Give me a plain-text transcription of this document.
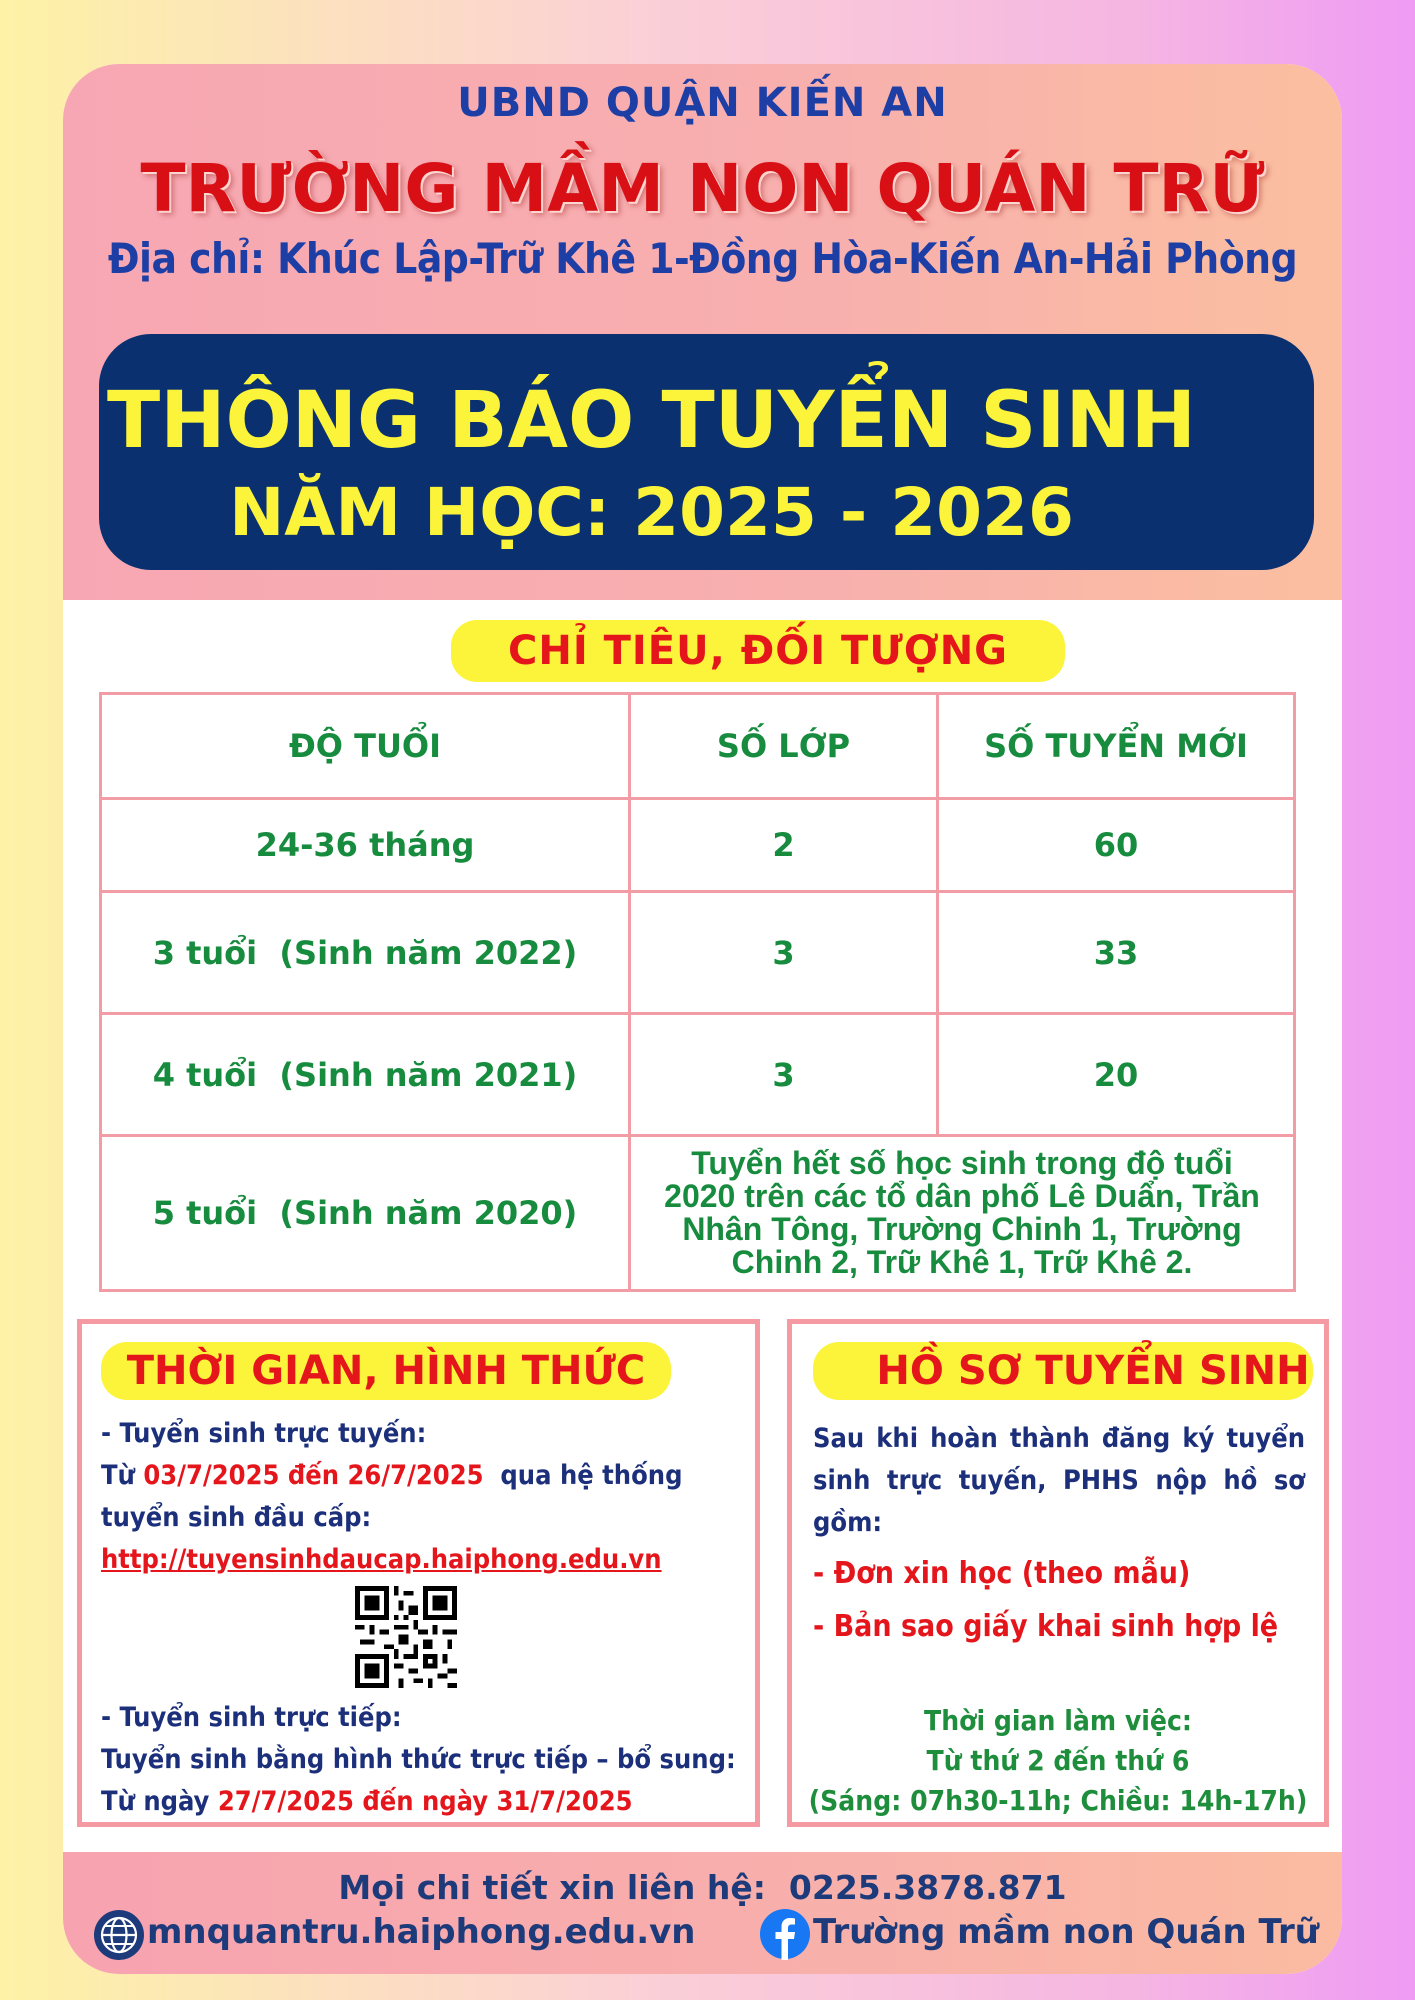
UBND QUẬN KIẾN AN
TRƯỜNG MẦM NON QUÁN TRỮ
Địa chỉ: Khúc Lập-Trữ Khê 1-Đồng Hòa-Kiến An-Hải Phòng
THÔNG BÁO TUYỂN SINH
NĂM HỌC: 2025 - 2026
CHỈ TIÊU, ĐỐI TƯỢNG
ĐỘ TUỔI	SỐ LỚP	SỐ TUYỂN MỚI
24-36 tháng	2	60
3 tuổi  (Sinh năm 2022)	3	33
4 tuổi  (Sinh năm 2021)	3	20
5 tuổi  (Sinh năm 2020)	Tuyển hết số học sinh trong độ tuổi 2020 trên các tổ dân phố Lê Duẩn, Trần Nhân Tông, Trường Chinh 1, Trường Chinh 2, Trữ Khê 1, Trữ Khê 2.	
THỜI GIAN, HÌNH THỨC	HỒ SƠ TUYỂN SINH
- Tuyển sinh trực tuyến:
Từ 03/7/2025 đến 26/7/2025  qua hệ thống
tuyển sinh đầu cấp:
http://tuyensinhdaucap.haiphong.edu.vn
- Tuyển sinh trực tiếp:
Tuyển sinh bằng hình thức trực tiếp – bổ sung:
Từ ngày 27/7/2025 đến ngày 31/7/2025
Sau khi hoàn thành đăng ký tuyển sinh trực tuyến, PHHS nộp hồ sơ gồm:
- Đơn xin học (theo mẫu)
- Bản sao giấy khai sinh hợp lệ
Thời gian làm việc:
Từ thứ 2 đến thứ 6
(Sáng: 07h30-11h; Chiều: 14h-17h)
Mọi chi tiết xin liên hệ:  0225.3878.871
mnquantru.haiphong.edu.vn	Trường mầm non Quán Trữ
